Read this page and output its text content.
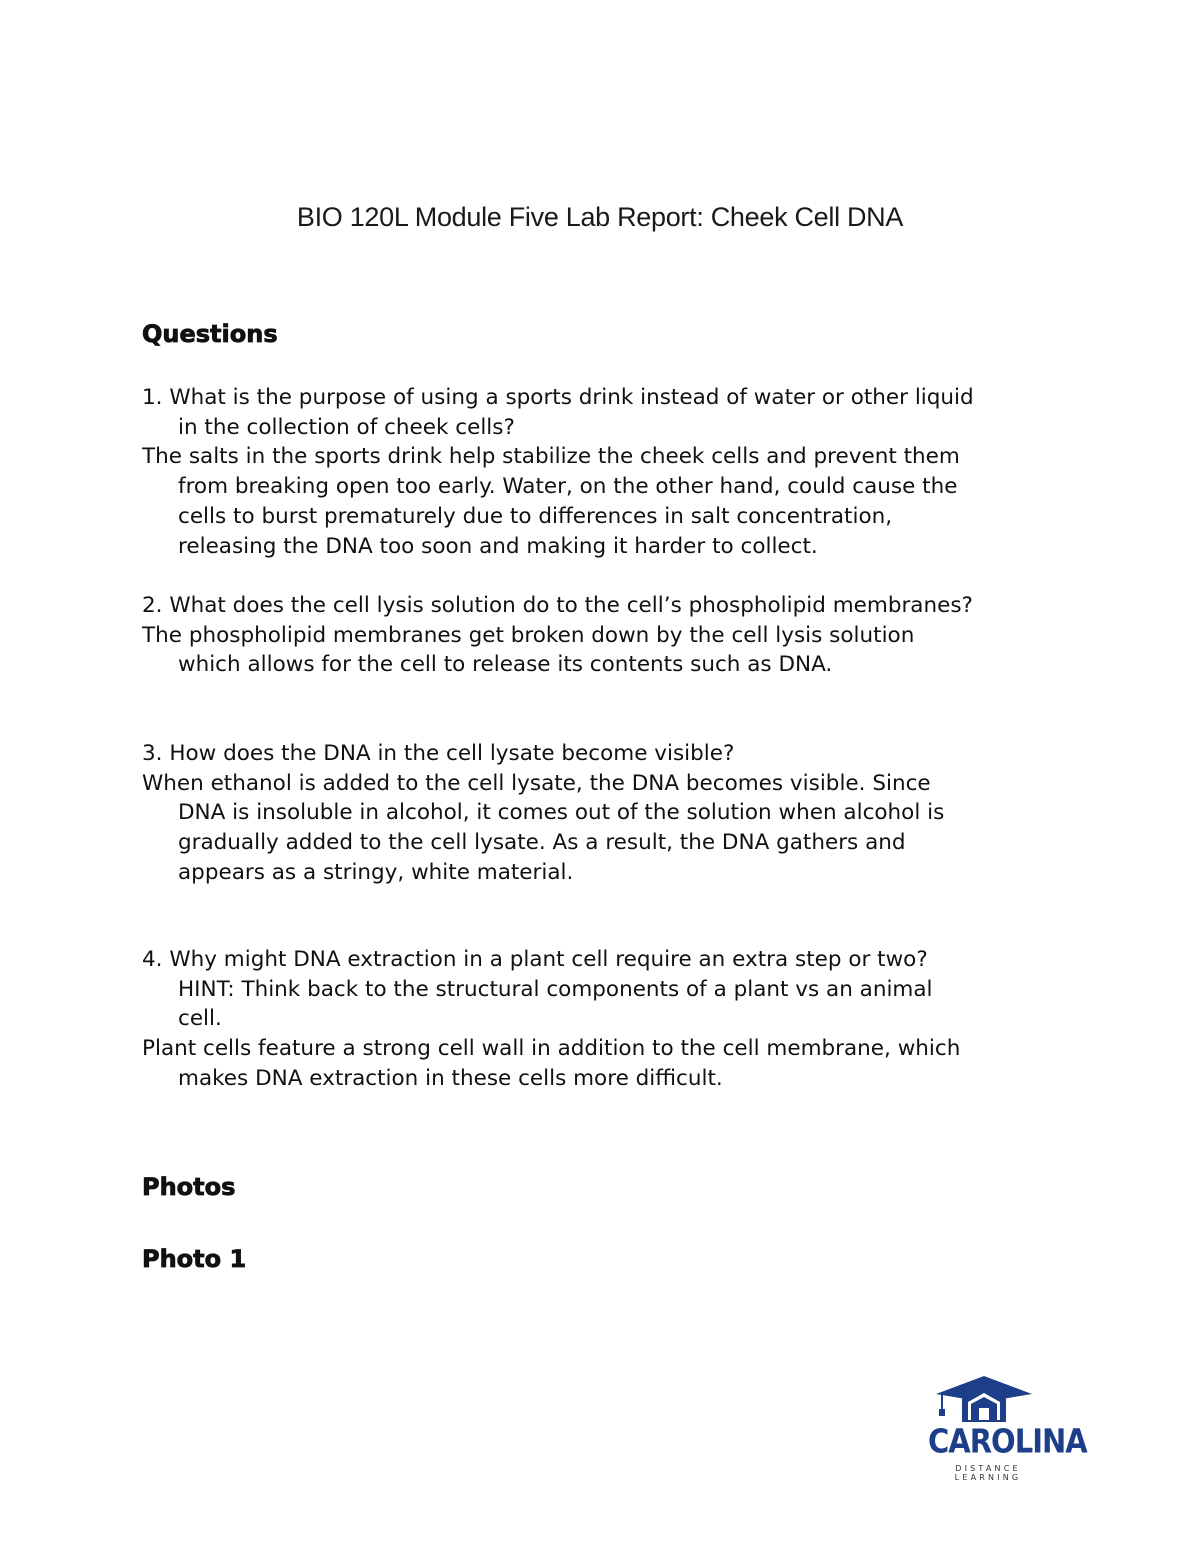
BIO 120L Module Five Lab Report: Cheek Cell DNA
Questions
1. What is the purpose of using a sports drink instead of water or other liquid
in the collection of cheek cells?
The salts in the sports drink help stabilize the cheek cells and prevent them
from breaking open too early. Water, on the other hand, could cause the
cells to burst prematurely due to differences in salt concentration,
releasing the DNA too soon and making it harder to collect.
2. What does the cell lysis solution do to the cell’s phospholipid membranes?
The phospholipid membranes get broken down by the cell lysis solution
which allows for the cell to release its contents such as DNA.
3. How does the DNA in the cell lysate become visible?
When ethanol is added to the cell lysate, the DNA becomes visible. Since
DNA is insoluble in alcohol, it comes out of the solution when alcohol is
gradually added to the cell lysate. As a result, the DNA gathers and
appears as a stringy, white material.
4. Why might DNA extraction in a plant cell require an extra step or two?
HINT: Think back to the structural components of a plant vs an animal
cell.
Plant cells feature a strong cell wall in addition to the cell membrane, which
makes DNA extraction in these cells more difficult.
Photos
Photo 1
CAROLINA
DISTANCE LEARNING
